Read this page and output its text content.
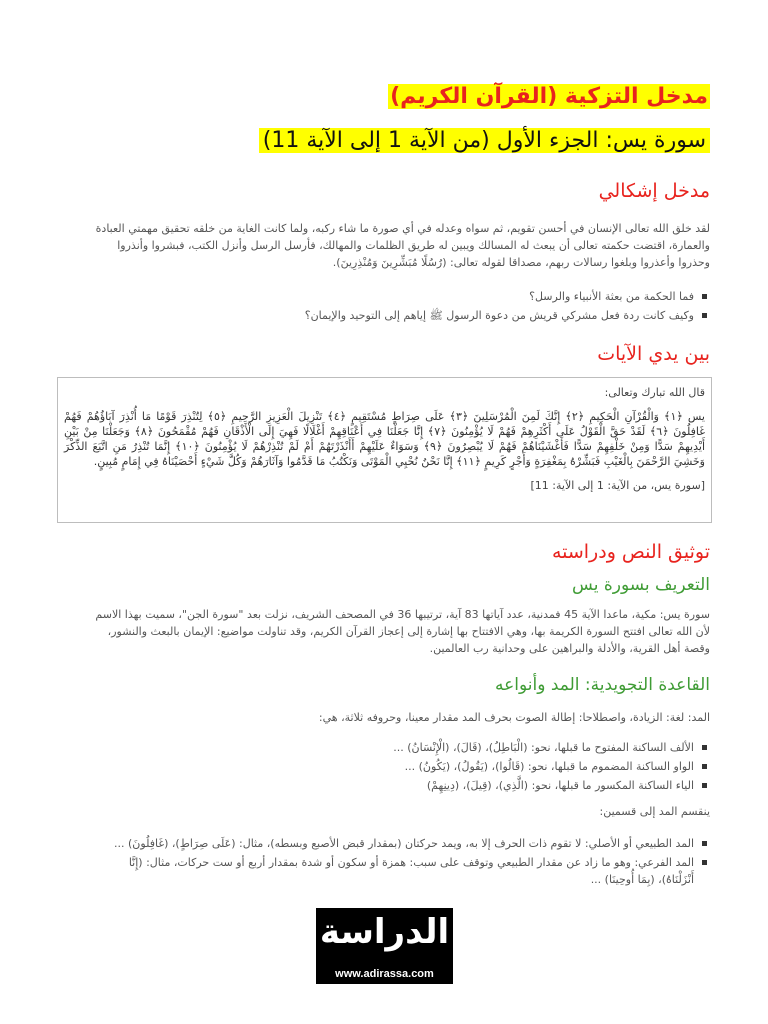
مدخل التزكية (القرآن الكريم)
سورة يس: الجزء الأول (من الآية 1 إلى الآية 11)
مدخل إشكالي
لقد خلق الله تعالى الإنسان في أحسن تقويم، ثم سواه وعدله في أي صورة ما شاء ركبه، ولما كانت الغاية من خلقه تحقيق مهمتي العبادة والعمارة، اقتضت حكمته تعالى أن يبعث له المسالك ويبين له طريق الظلمات والمهالك، فأرسل الرسل وأنزل الكتب، فبشروا وأنذروا وحذروا وأعذروا وبلغوا رسالات ربهم، مصداقا لقوله تعالى: (رُسُلًا مُبَشِّرِينَ وَمُنْذِرِينَ).
فما الحكمة من بعثة الأنبياء والرسل؟
وكيف كانت ردة فعل مشركي قريش من دعوة الرسول ﷺ إياهم إلى التوحيد والإيمان؟
بين يدي الآيات
قال الله تبارك وتعالى:
يس ﴿١﴾ وَالْقُرْآنِ الْحَكِيمِ ﴿٢﴾ إِنَّكَ لَمِنَ الْمُرْسَلِينَ ﴿٣﴾ عَلَى صِرَاطٍ مُسْتَقِيمٍ ﴿٤﴾ تَنْزِيلَ الْعَزِيزِ الرَّحِيمِ ﴿٥﴾ لِتُنْذِرَ قَوْمًا مَا أُنْذِرَ آبَاؤُهُمْ فَهُمْ غَافِلُونَ ﴿٦﴾ لَقَدْ حَقَّ الْقَوْلُ عَلَى أَكْثَرِهِمْ فَهُمْ لَا يُؤْمِنُونَ ﴿٧﴾ إِنَّا جَعَلْنَا فِي أَعْنَاقِهِمْ أَغْلَالًا فَهِيَ إِلَى الْأَذْقَانِ فَهُمْ مُقْمَحُونَ ﴿٨﴾ وَجَعَلْنَا مِنْ بَيْنِ أَيْدِيهِمْ سَدًّا وَمِنْ خَلْفِهِمْ سَدًّا فَأَغْشَيْنَاهُمْ فَهُمْ لَا يُبْصِرُونَ ﴿٩﴾ وَسَوَاءٌ عَلَيْهِمْ أَأَنْذَرْتَهُمْ أَمْ لَمْ تُنْذِرْهُمْ لَا يُؤْمِنُونَ ﴿١٠﴾ إِنَّمَا تُنْذِرُ مَنِ اتَّبَعَ الذِّكْرَ وَخَشِيَ الرَّحْمَنَ بِالْغَيْبِ فَبَشِّرْهُ بِمَغْفِرَةٍ وَأَجْرٍ كَرِيمٍ ﴿١١﴾ إِنَّا نَحْنُ نُحْيِي الْمَوْتَى وَنَكْتُبُ مَا قَدَّمُوا وَآثَارَهُمْ وَكُلَّ شَيْءٍ أَحْصَيْنَاهُ فِي إِمَامٍ مُبِينٍ.
[سورة يس، من الآية: 1 إلى الآية: 11]
توثيق النص ودراسته
التعريف بسورة يس
سورة يس: مكية، ماعدا الآية 45 فمدنية، عدد آياتها 83 آية، ترتيبها 36 في المصحف الشريف، نزلت بعد "سورة الجن"، سميت بهذا الاسم لأن الله تعالى افتتح السورة الكريمة بها، وهي الافتتاح بها إشارة إلى إعجاز القرآن الكريم، وقد تناولت مواضيع: الإيمان بالبعث والنشور، وقصة أهل القرية، والأدلة والبراهين على وحدانية رب العالمين.
القاعدة التجويدية: المد وأنواعه
المد: لغة: الزيادة، واصطلاحا: إطالة الصوت بحرف المد مقدار معينا، وحروفه ثلاثة، هي:
الألف الساكنة المفتوح ما قبلها، نحو: (الْبَاطِلُ)، (قَالَ)، (الْإِنْسَانُ) ...
الواو الساكنة المضموم ما قبلها، نحو: (قَالُوا)، (يَقُولُ)، (يَكُونُ) ...
الياء الساكنة المكسور ما قبلها، نحو: (الَّذِي)، (قِيلَ)، (دِينِهِمْ)
ينقسم المد إلى قسمين:
المد الطبيعي أو الأصلي: لا تقوم ذات الحرف إلا به، ويمد حركتان (بمقدار قبض الأصبع وبسطه)، مثال: (عَلَى صِرَاطٍ)، (غَافِلُونَ) ...
المد الفرعي: وهو ما زاد عن مقدار الطبيعي وتوقف على سبب: همزة أو سكون أو شدة بمقدار أربع أو ست حركات، مثال: (إِنَّا أَنْزَلْنَاهُ)، (بِمَا أُوحِينَا) ...
الدراسة
www.adirassa.com
